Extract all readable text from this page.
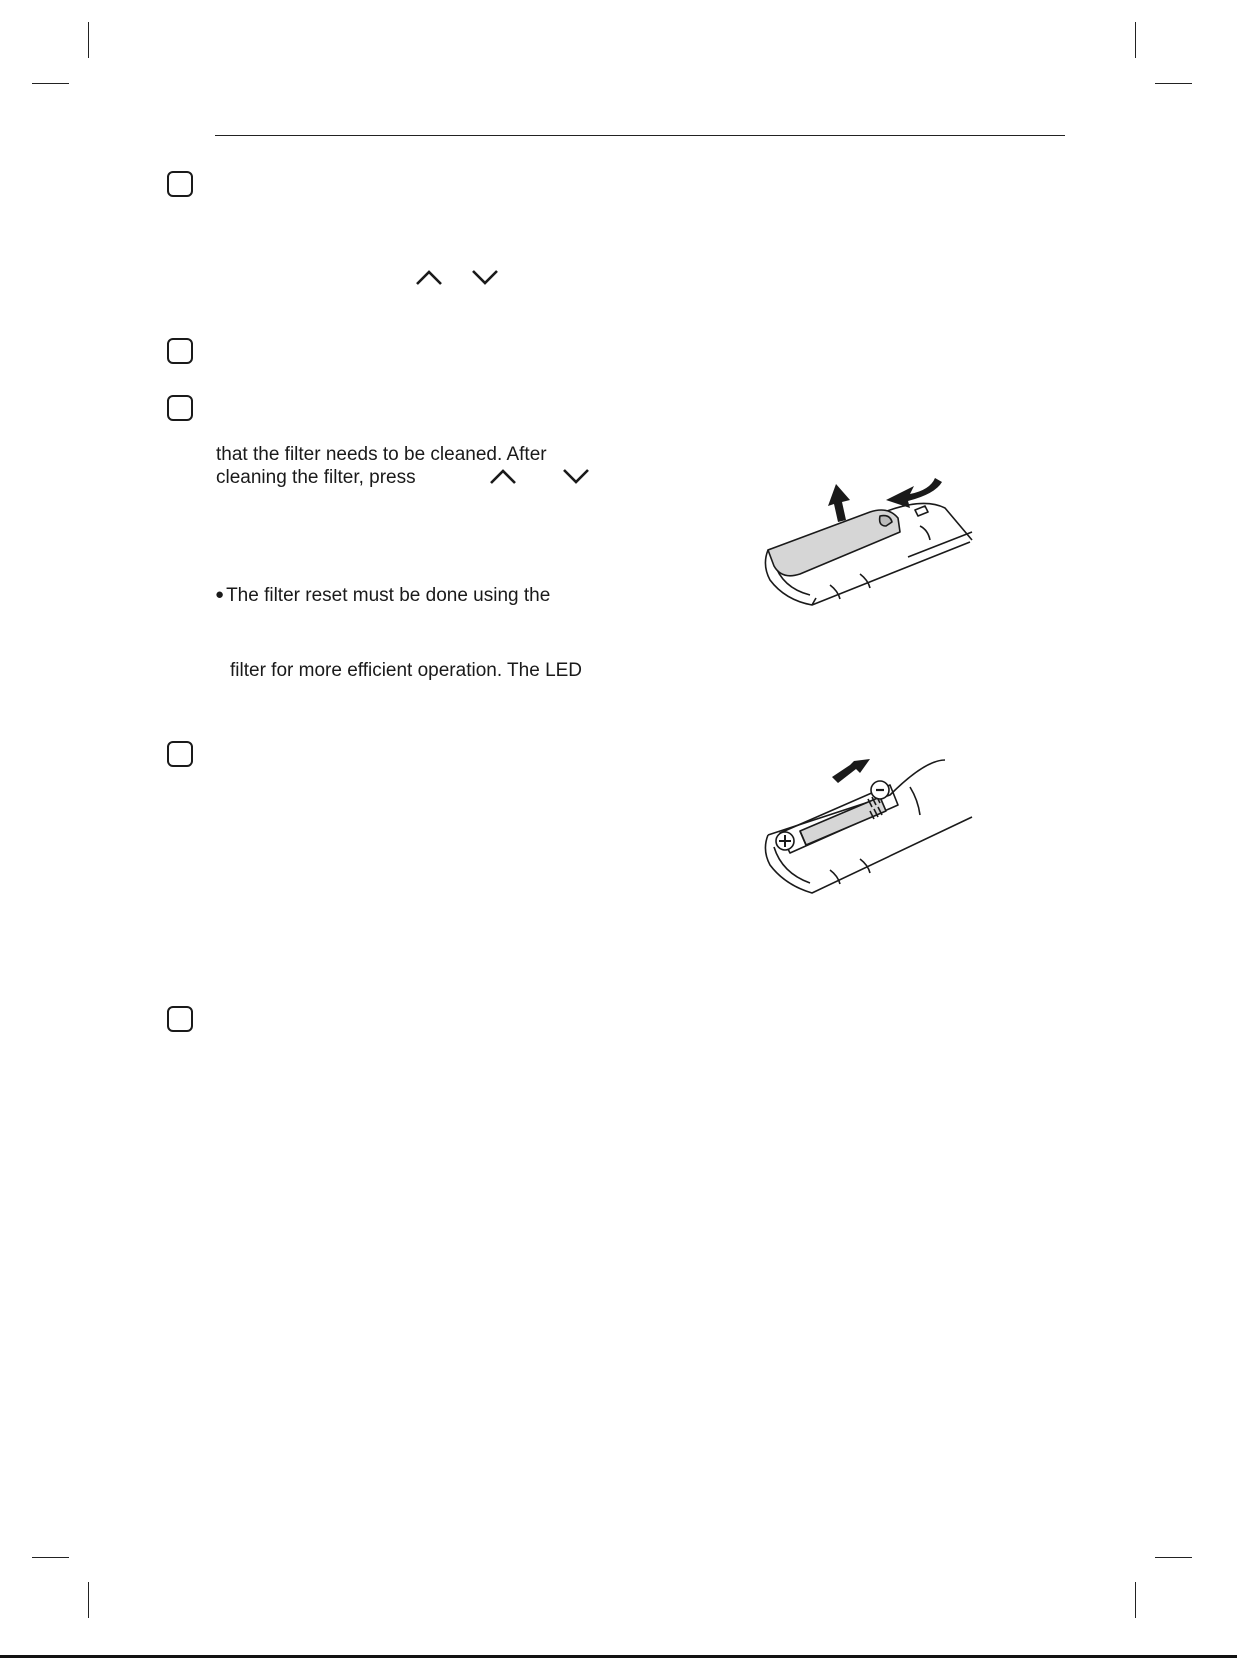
that the filter needs to be cleaned. After
cleaning the filter, press
● The filter reset must be done using the
filter for more efficient operation. The LED
